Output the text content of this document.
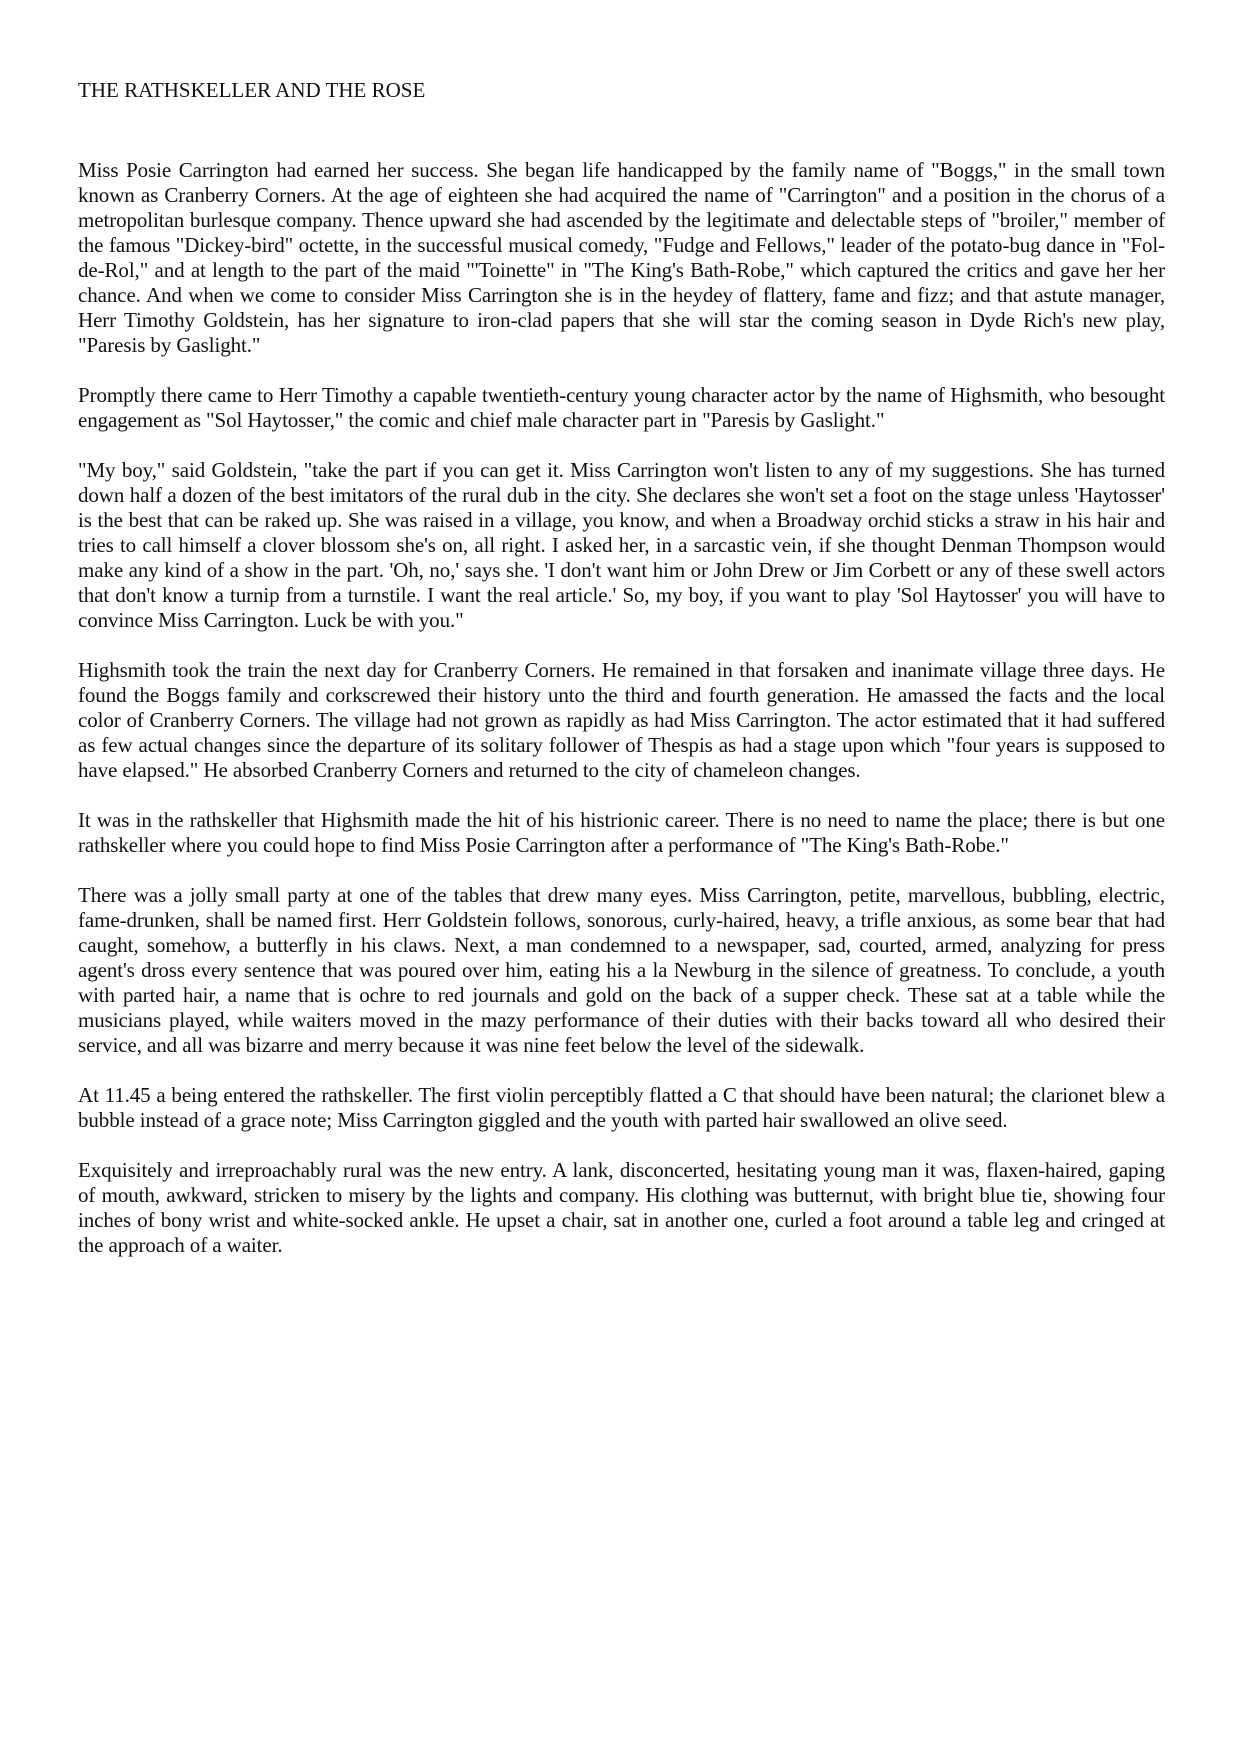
THE RATHSKELLER AND THE ROSE

Miss Posie Carrington had earned her success. She began life handicapped by the family name of "Boggs," in the small town known as Cranberry Corners. At the age of eighteen she had acquired the name of "Carrington" and a position in the chorus of a metropolitan burlesque company. Thence upward she had ascended by the legitimate and delectable steps of "broiler," member of the famous "Dickey-bird" octette, in the successful musical comedy, "Fudge and Fellows," leader of the potato-bug dance in "Fol-de-Rol," and at length to the part of the maid "'Toinette" in "The King's Bath-Robe," which captured the critics and gave her her chance. And when we come to consider Miss Carrington she is in the heydey of flattery, fame and fizz; and that astute manager, Herr Timothy Goldstein, has her signature to iron-clad papers that she will star the coming season in Dyde Rich's new play, "Paresis by Gaslight."

Promptly there came to Herr Timothy a capable twentieth-century young character actor by the name of Highsmith, who besought engagement as "Sol Haytosser," the comic and chief male character part in "Paresis by Gaslight."

"My boy," said Goldstein, "take the part if you can get it. Miss Carrington won't listen to any of my suggestions. She has turned down half a dozen of the best imitators of the rural dub in the city. She declares she won't set a foot on the stage unless 'Haytosser' is the best that can be raked up. She was raised in a village, you know, and when a Broadway orchid sticks a straw in his hair and tries to call himself a clover blossom she's on, all right. I asked her, in a sarcastic vein, if she thought Denman Thompson would make any kind of a show in the part. 'Oh, no,' says she. 'I don't want him or John Drew or Jim Corbett or any of these swell actors that don't know a turnip from a turnstile. I want the real article.' So, my boy, if you want to play 'Sol Haytosser' you will have to convince Miss Carrington. Luck be with you."

Highsmith took the train the next day for Cranberry Corners. He remained in that forsaken and inanimate village three days. He found the Boggs family and corkscrewed their history unto the third and fourth generation. He amassed the facts and the local color of Cranberry Corners. The village had not grown as rapidly as had Miss Carrington. The actor estimated that it had suffered as few actual changes since the departure of its solitary follower of Thespis as had a stage upon which "four years is supposed to have elapsed." He absorbed Cranberry Corners and returned to the city of chameleon changes.

It was in the rathskeller that Highsmith made the hit of his histrionic career. There is no need to name the place; there is but one rathskeller where you could hope to find Miss Posie Carrington after a performance of "The King's Bath-Robe."

There was a jolly small party at one of the tables that drew many eyes. Miss Carrington, petite, marvellous, bubbling, electric, fame-drunken, shall be named first. Herr Goldstein follows, sonorous, curly-haired, heavy, a trifle anxious, as some bear that had caught, somehow, a butterfly in his claws. Next, a man condemned to a newspaper, sad, courted, armed, analyzing for press agent's dross every sentence that was poured over him, eating his a la Newburg in the silence of greatness. To conclude, a youth with parted hair, a name that is ochre to red journals and gold on the back of a supper check. These sat at a table while the musicians played, while waiters moved in the mazy performance of their duties with their backs toward all who desired their service, and all was bizarre and merry because it was nine feet below the level of the sidewalk.

At 11.45 a being entered the rathskeller. The first violin perceptibly flatted a C that should have been natural; the clarionet blew a bubble instead of a grace note; Miss Carrington giggled and the youth with parted hair swallowed an olive seed.

Exquisitely and irreproachably rural was the new entry. A lank, disconcerted, hesitating young man it was, flaxen-haired, gaping of mouth, awkward, stricken to misery by the lights and company. His clothing was butternut, with bright blue tie, showing four inches of bony wrist and white-socked ankle. He upset a chair, sat in another one, curled a foot around a table leg and cringed at the approach of a waiter.
